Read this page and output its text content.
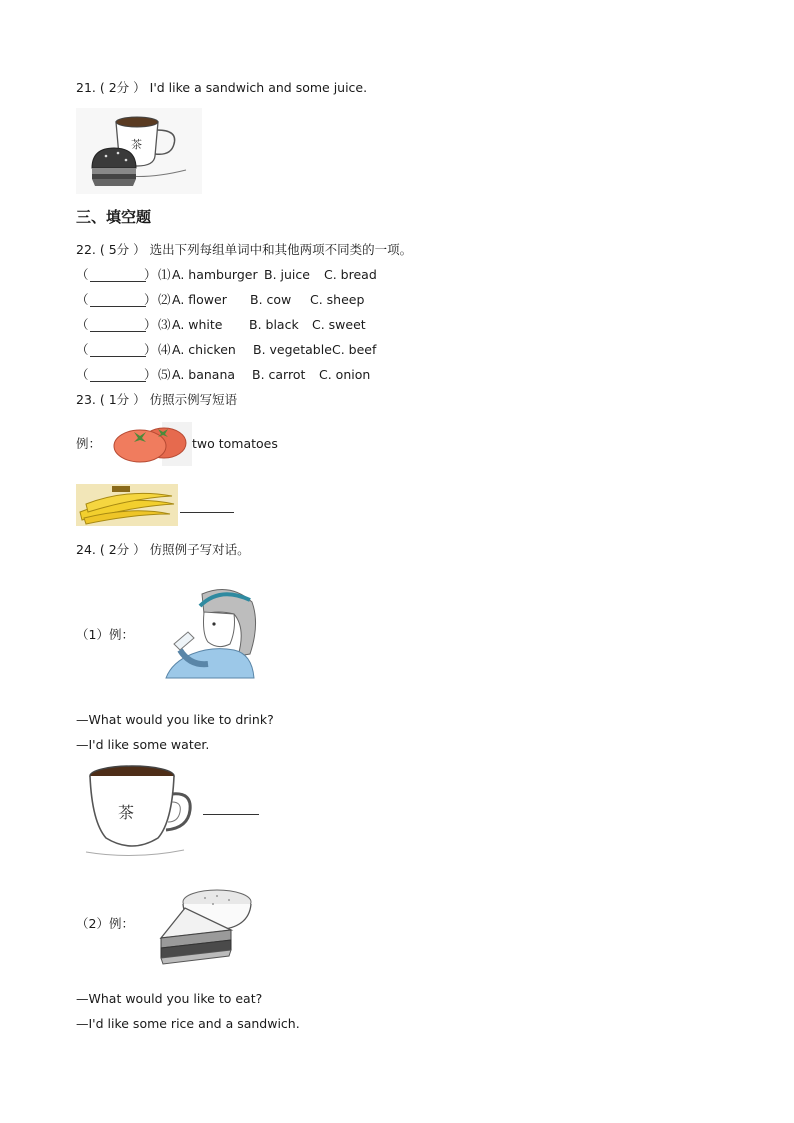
21. ( 2分 ） I'd like a sandwich and some juice.
茶
三、填空题
22. ( 5分 ） 选出下列每组单词中和其他两项不同类的一项。
（	） ⑴ A. hamburger B. juice C. bread
（	） ⑵ A. flower B. cow C. sheep
（	） ⑶ A. white B. black C. sweet
（	） ⑷ A. chicken B. vegetable C. beef
（	） ⑸ A. banana B. carrot C. onion
23. ( 1分 ） 仿照示例写短语
例：	two tomatoes
24. ( 2分 ） 仿照例子写对话。
（1）例：
—What would you like to drink?
—I'd like some water.
茶
（2）例：
—What would you like to eat?
—I'd like some rice and a sandwich.
